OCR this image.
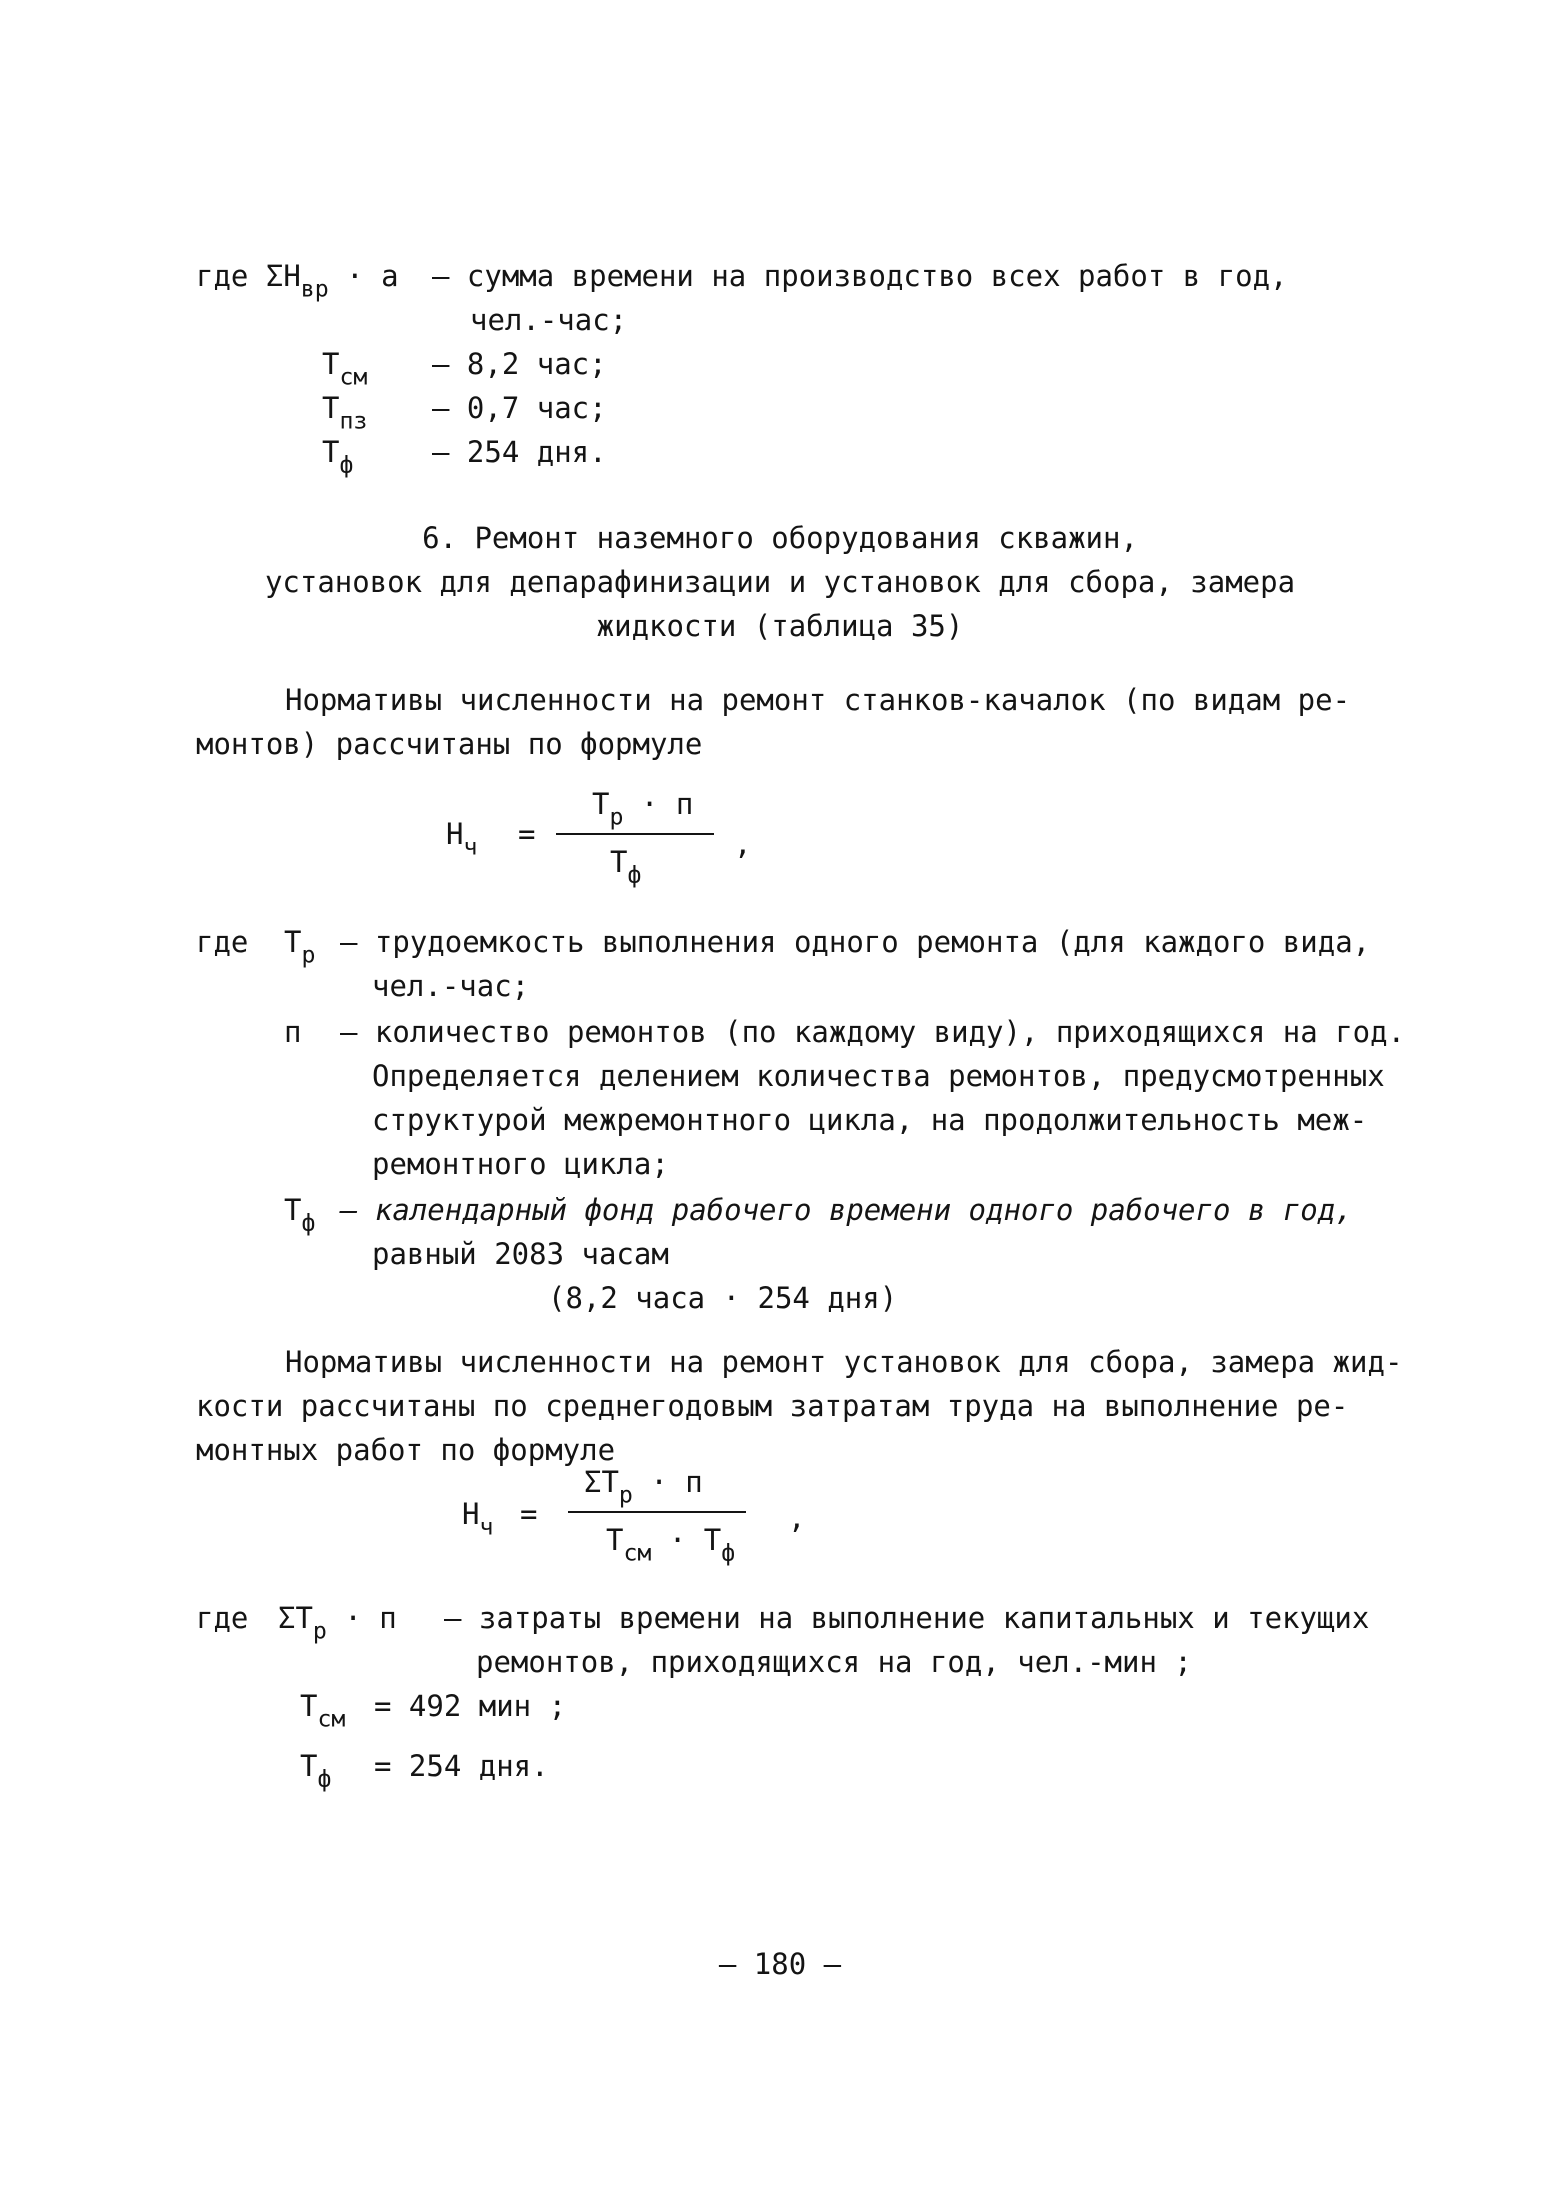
где $\Sigma Н_{вр} \cdot а$ – сумма времени на производство всех работ в год,
чел.-час;
$Т_{см} - 8,2$ час;
$Т_{пз} - 0,7$ час;
$Т_ф$	– 254 дня.
6. Ремонт наземного оборудования скважин,
установок для депарафинизации и установок для сбора, замера
жидкости (таблица 35)
Нормативы численности на ремонт станков-качалок (по видам ре-
монтов) рассчитаны по формуле
$Н_ч$ =
$Т_р \cdot п$
$Т_ф$
,
где $Т_р$ – трудоемкость выполнения одного ремонта (для каждого вида,
чел.-час;
п – количество ремонтов (по каждому виду), приходящихся на год.
Определяется делением количества ремонтов, предусмотренных
структурой межремонтного цикла, на продолжительность меж-
ремонтного цикла;
$Т_ф$ – календарный фонд рабочего времени одного рабочего в год,
равный 2083 часам
(8,2 часа · 254 дня)
Нормативы численности на ремонт установок для сбора, замера жид-
кости рассчитаны по среднегодовым затратам труда на выполнение ре-
монтных работ по формуле
$Н_ч$ =
$\Sigma Т_р \cdot п$
$Т_{см} \cdot Т_ф$
,
где $\Sigma Т_р \cdot п$ – затраты времени на выполнение капитальных и текущих
ремонтов, приходящихся на год, чел.-мин ;
$Т_{см} = 492$ мин ;
$Т_ф = 254$ дня.
– 180 –
